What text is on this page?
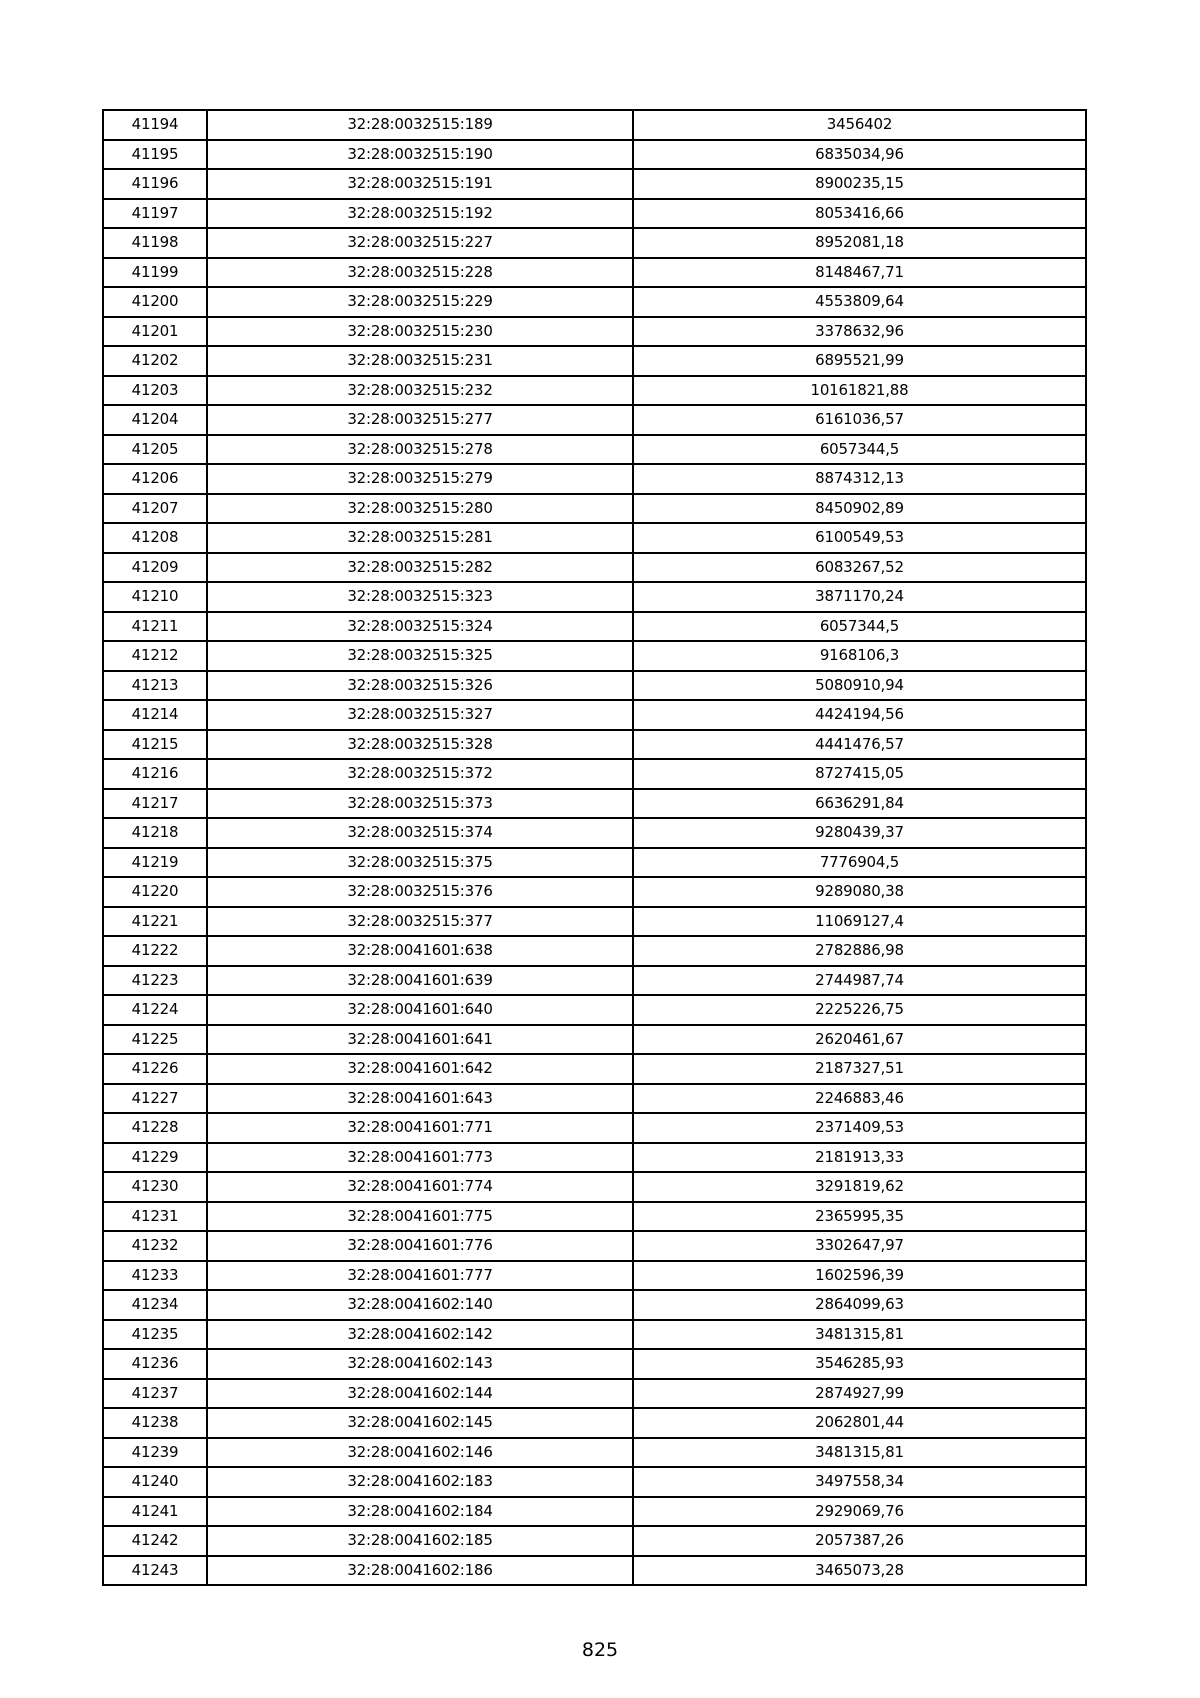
41194	32:28:0032515:189	3456402
41195	32:28:0032515:190	6835034,96
41196	32:28:0032515:191	8900235,15
41197	32:28:0032515:192	8053416,66
41198	32:28:0032515:227	8952081,18
41199	32:28:0032515:228	8148467,71
41200	32:28:0032515:229	4553809,64
41201	32:28:0032515:230	3378632,96
41202	32:28:0032515:231	6895521,99
41203	32:28:0032515:232	10161821,88
41204	32:28:0032515:277	6161036,57
41205	32:28:0032515:278	6057344,5
41206	32:28:0032515:279	8874312,13
41207	32:28:0032515:280	8450902,89
41208	32:28:0032515:281	6100549,53
41209	32:28:0032515:282	6083267,52
41210	32:28:0032515:323	3871170,24
41211	32:28:0032515:324	6057344,5
41212	32:28:0032515:325	9168106,3
41213	32:28:0032515:326	5080910,94
41214	32:28:0032515:327	4424194,56
41215	32:28:0032515:328	4441476,57
41216	32:28:0032515:372	8727415,05
41217	32:28:0032515:373	6636291,84
41218	32:28:0032515:374	9280439,37
41219	32:28:0032515:375	7776904,5
41220	32:28:0032515:376	9289080,38
41221	32:28:0032515:377	11069127,4
41222	32:28:0041601:638	2782886,98
41223	32:28:0041601:639	2744987,74
41224	32:28:0041601:640	2225226,75
41225	32:28:0041601:641	2620461,67
41226	32:28:0041601:642	2187327,51
41227	32:28:0041601:643	2246883,46
41228	32:28:0041601:771	2371409,53
41229	32:28:0041601:773	2181913,33
41230	32:28:0041601:774	3291819,62
41231	32:28:0041601:775	2365995,35
41232	32:28:0041601:776	3302647,97
41233	32:28:0041601:777	1602596,39
41234	32:28:0041602:140	2864099,63
41235	32:28:0041602:142	3481315,81
41236	32:28:0041602:143	3546285,93
41237	32:28:0041602:144	2874927,99
41238	32:28:0041602:145	2062801,44
41239	32:28:0041602:146	3481315,81
41240	32:28:0041602:183	3497558,34
41241	32:28:0041602:184	2929069,76
41242	32:28:0041602:185	2057387,26
41243	32:28:0041602:186	3465073,28
825
